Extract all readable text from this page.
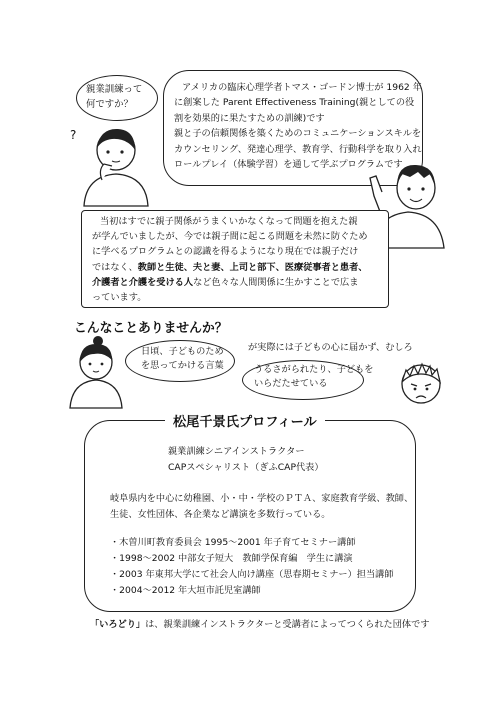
親業訓練って
何ですか？
?
アメリカの臨床心理学者トマス・ゴードン博士が 1962 年
に創案した Parent Effectiveness Training(親としての役
割を効果的に果たすための訓練)です
親と子の信頼関係を築くためのコミュニケーションスキルを
カウンセリング、発達心理学、教育学、行動科学を取り入れ
ロールプレイ（体験学習）を通して学ぶプログラムです
当初はすでに親子関係がうまくいかなくなって問題を抱えた親
が学んでいましたが、今では親子間に起こる問題を未然に防ぐため
に学べるプログラムとの認識を得るようになり現在では親子だけ
ではなく、教師と生徒、夫と妻、上司と部下、医療従事者と患者、
介護者と介護を受ける人など色々な人間関係に生かすことで広ま
っています。
こんなことありませんか？
日頃、子どものため
を思ってかける言葉
が実際には子どもの心に届かず、むしろ
うるさがられたり、子どもを
いらだたせている
松尾千景氏プロフィール
親業訓練シニアインストラクター
CAPスペシャリスト（ぎふCAP代表）
岐阜県内を中心に幼稚園、小・中・学校のＰＴＡ、家庭教育学級、教師、
生徒、女性団体、各企業など講演を多数行っている。
・木曽川町教育委員会 1995～2001 年子育てセミナー講師
・1998～2002 中部女子短大　教師学保育編　学生に講演
・2003 年東邦大学にて社会人向け講座（思春期セミナー）担当講師
・2004～2012 年大垣市託児室講師
「いろどり」は、親業訓練インストラクターと受講者によってつくられた団体です
